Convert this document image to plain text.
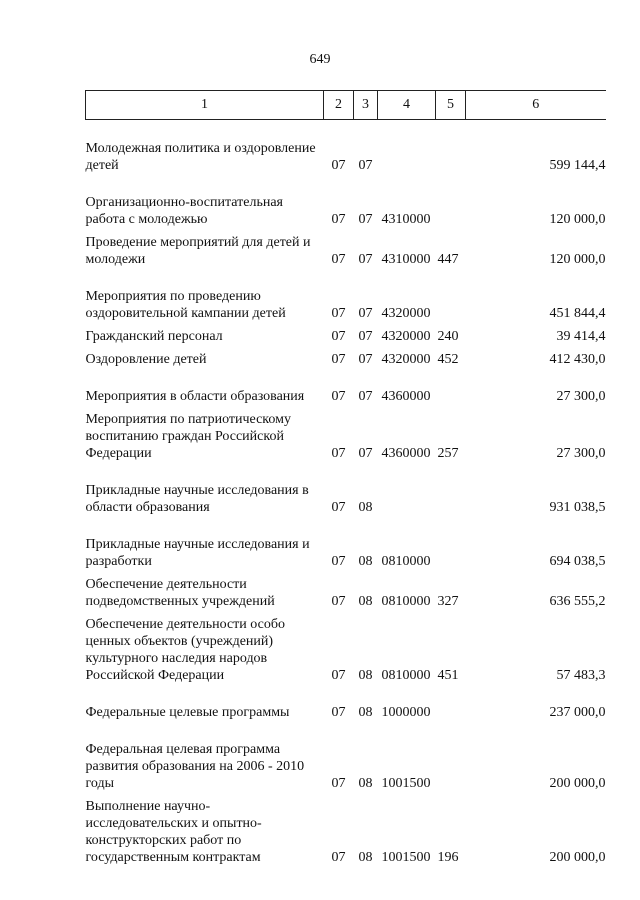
649
1	2	3	4	5	6
Молодежная политика и оздоровление детей	07	07			599 144,4
Организационно-воспитательная работа с молодежью	07	07	4310000		120 000,0
Проведение мероприятий для детей и молодежи	07	07	4310000	447	120 000,0
Мероприятия по проведению оздоровительной кампании детей	07	07	4320000		451 844,4
Гражданский персонал	07	07	4320000	240	39 414,4
Оздоровление детей	07	07	4320000	452	412 430,0
Мероприятия в области образования	07	07	4360000		27 300,0
Мероприятия по патриотическому воспитанию граждан Российской Федерации	07	07	4360000	257	27 300,0
Прикладные научные исследования в области образования	07	08			931 038,5
Прикладные научные исследования и разработки	07	08	0810000		694 038,5
Обеспечение деятельности подведомственных учреждений	07	08	0810000	327	636 555,2
Обеспечение деятельности особо ценных объектов (учреждений) культурного наследия народов Российской Федерации	07	08	0810000	451	57 483,3
Федеральные целевые программы	07	08	1000000		237 000,0
Федеральная целевая программа развития образования на 2006 - 2010 годы	07	08	1001500		200 000,0
Выполнение научно-исследовательских и опытно-конструкторских работ по государственным контрактам	07	08	1001500	196	200 000,0
